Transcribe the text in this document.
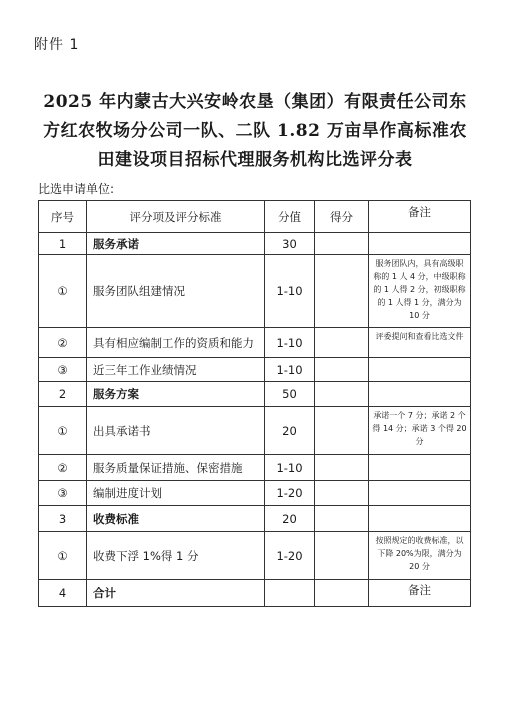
附件 1
2025 年内蒙古大兴安岭农垦（集团）有限责任公司东
方红农牧场分公司一队、二队 1.82 万亩旱作高标准农
田建设项目招标代理服务机构比选评分表
比选申请单位:
序号	评分项及评分标准	分值	得分	备注
1	服务承诺	30		
①	服务团队组建情况	1-10		服务团队内，具有高级职称的 1 人 4 分，中级职称的 1 人得 2 分，初级职称的 1 人得 1 分，满分为 10 分
②	具有相应编制工作的资质和能力	1-10		评委提问和查看比选文件
③	近三年工作业绩情况	1-10		
2	服务方案	50		
①	出具承诺书	20		承诺一个 7 分；承诺 2 个得 14 分；承诺 3 个得 20 分
②	服务质量保证措施、保密措施	1-10		
③	编制进度计划	1-20		
3	收费标准	20		
①	收费下浮 1%得 1 分	1-20		按照规定的收费标准，以下降 20%为限，满分为 20 分
4	合计			备注
